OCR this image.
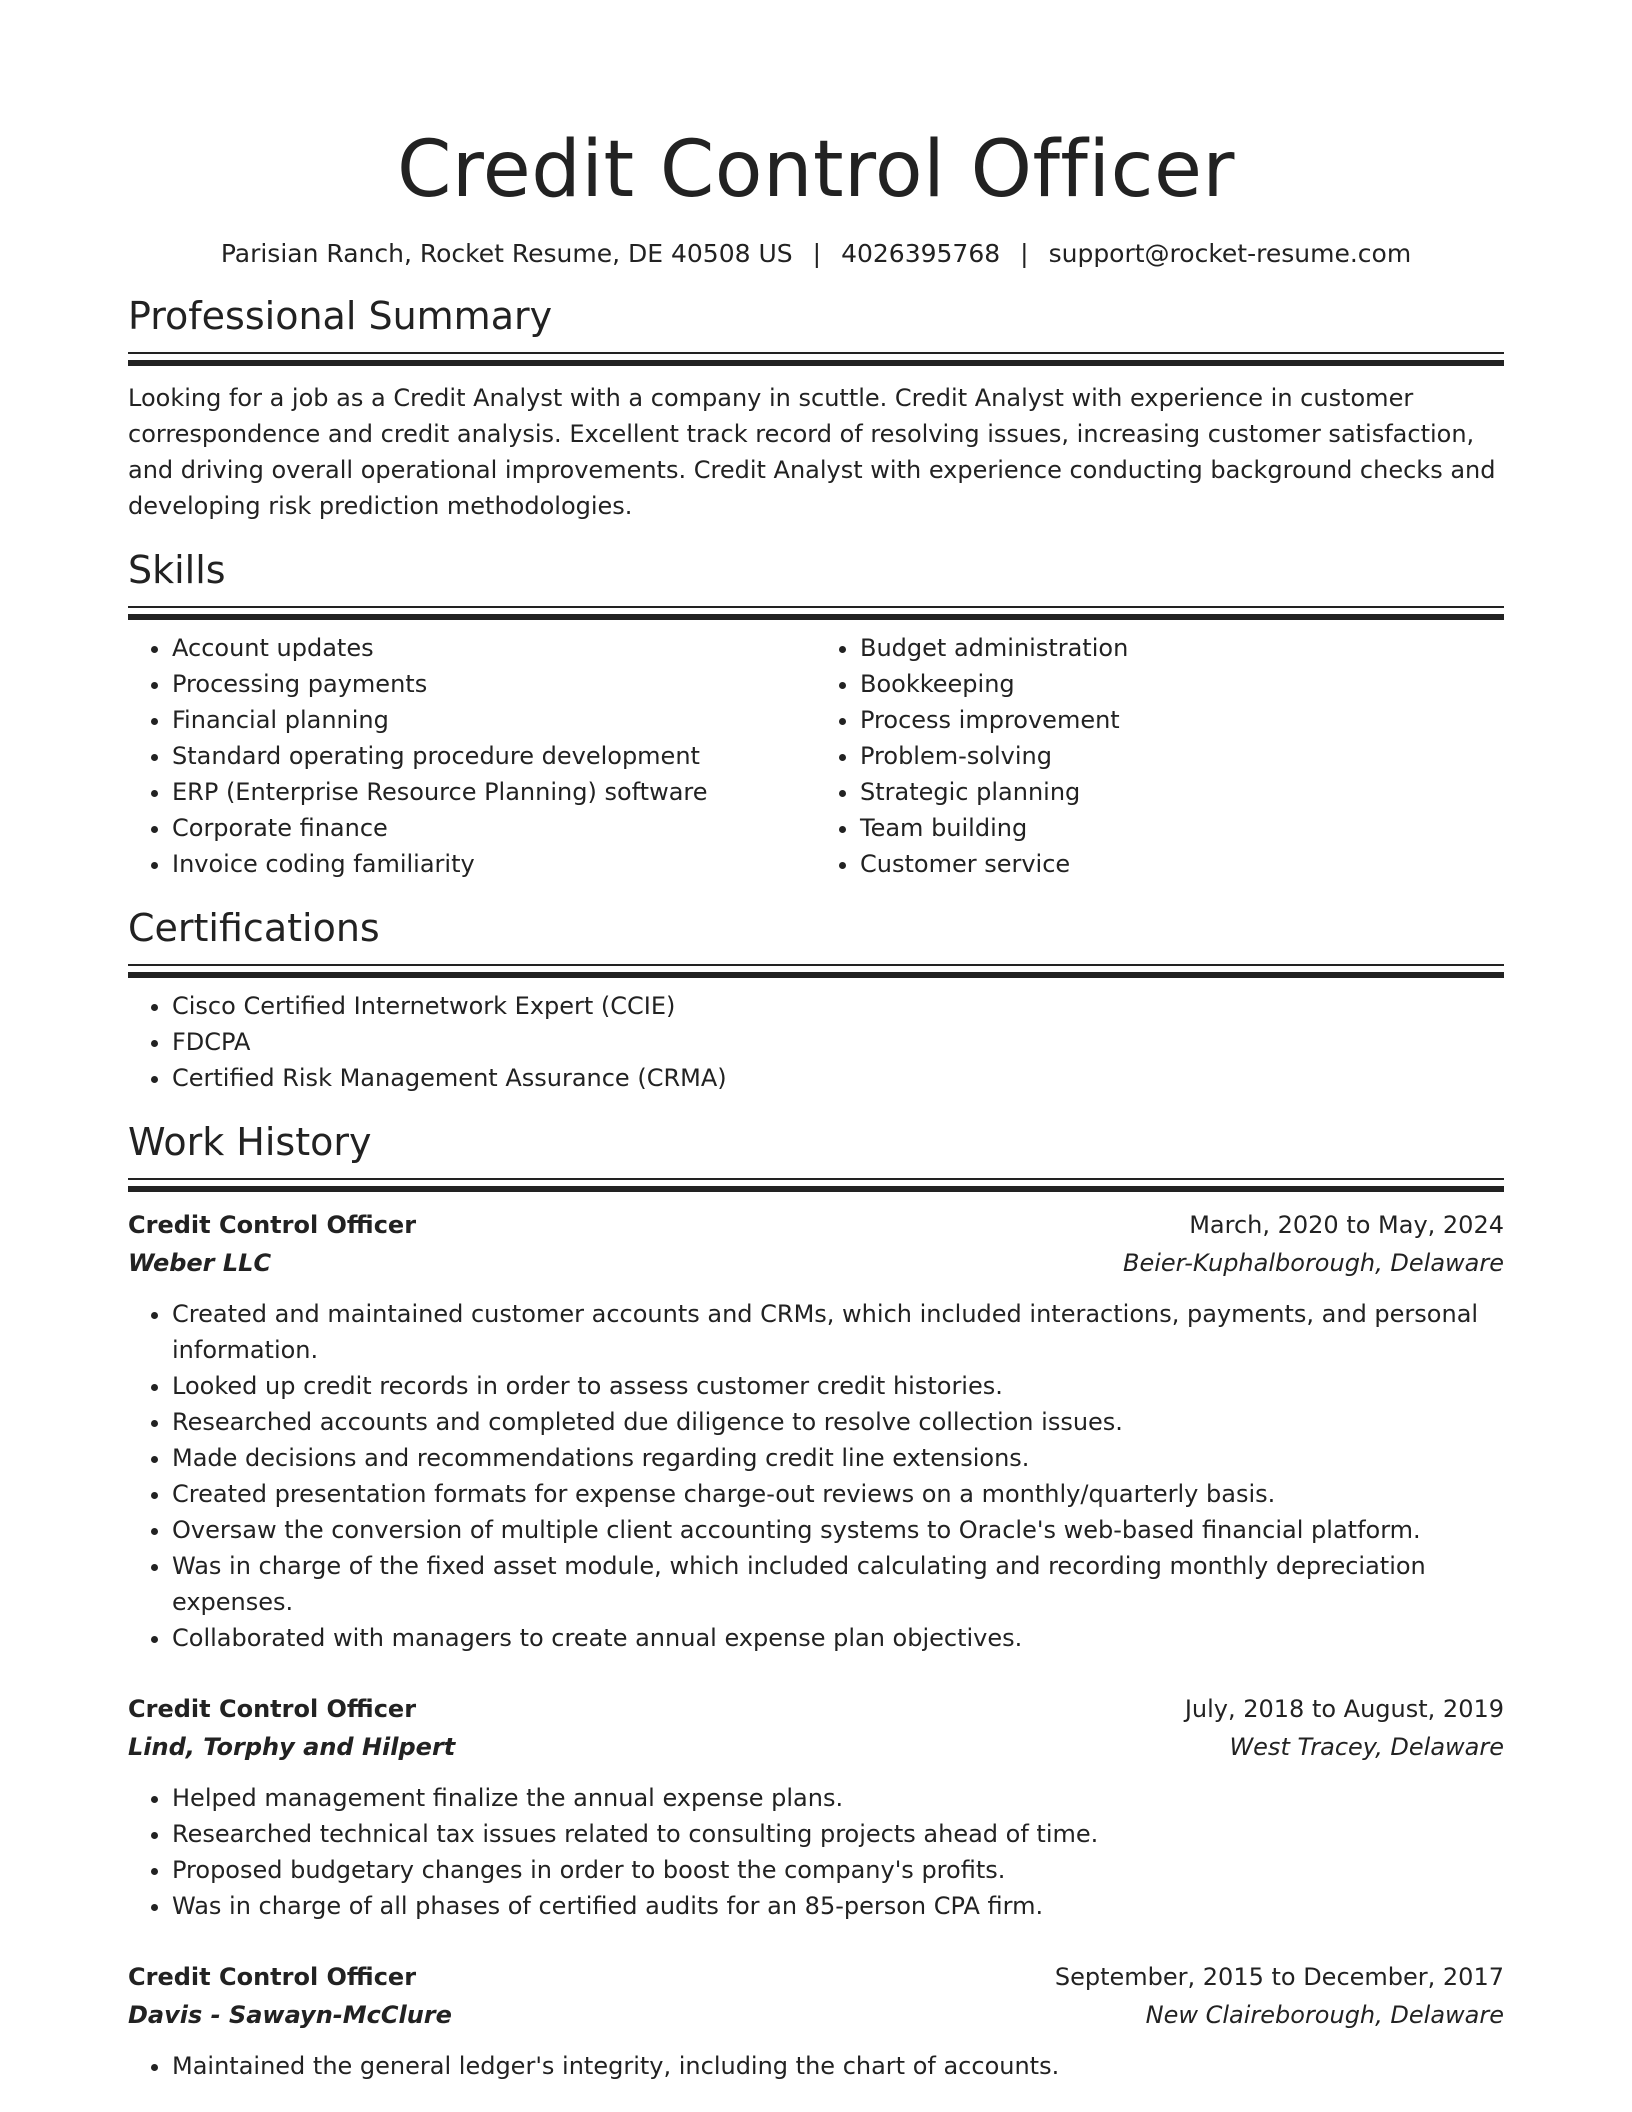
Credit Control Officer
Parisian Ranch, Rocket Resume, DE 40508 US | 4026395768 | support@rocket-resume.com
Professional Summary
Looking for a job as a Credit Analyst with a company in scuttle. Credit Analyst with experience in customer correspondence and credit analysis. Excellent track record of resolving issues, increasing customer satisfaction, and driving overall operational improvements. Credit Analyst with experience conducting background checks and developing risk prediction methodologies.
Skills
• Account updates
• Processing payments
• Financial planning
• Standard operating procedure development
• ERP (Enterprise Resource Planning) software
• Corporate finance
• Invoice coding familiarity
• Budget administration
• Bookkeeping
• Process improvement
• Problem-solving
• Strategic planning
• Team building
• Customer service
Certifications
• Cisco Certified Internetwork Expert (CCIE)
• FDCPA
• Certified Risk Management Assurance (CRMA)
Work History
Credit Control Officer	March, 2020 to May, 2024
Weber LLC	Beier-Kuphalborough, Delaware
• Created and maintained customer accounts and CRMs, which included interactions, payments, and personal information.
• Looked up credit records in order to assess customer credit histories.
• Researched accounts and completed due diligence to resolve collection issues.
• Made decisions and recommendations regarding credit line extensions.
• Created presentation formats for expense charge-out reviews on a monthly/quarterly basis.
• Oversaw the conversion of multiple client accounting systems to Oracle's web-based financial platform.
• Was in charge of the fixed asset module, which included calculating and recording monthly depreciation expenses.
• Collaborated with managers to create annual expense plan objectives.
Credit Control Officer	July, 2018 to August, 2019
Lind, Torphy and Hilpert	West Tracey, Delaware
• Helped management finalize the annual expense plans.
• Researched technical tax issues related to consulting projects ahead of time.
• Proposed budgetary changes in order to boost the company's profits.
• Was in charge of all phases of certified audits for an 85-person CPA firm.
Credit Control Officer	September, 2015 to December, 2017
Davis - Sawayn-McClure	New Claireborough, Delaware
• Maintained the general ledger's integrity, including the chart of accounts.
